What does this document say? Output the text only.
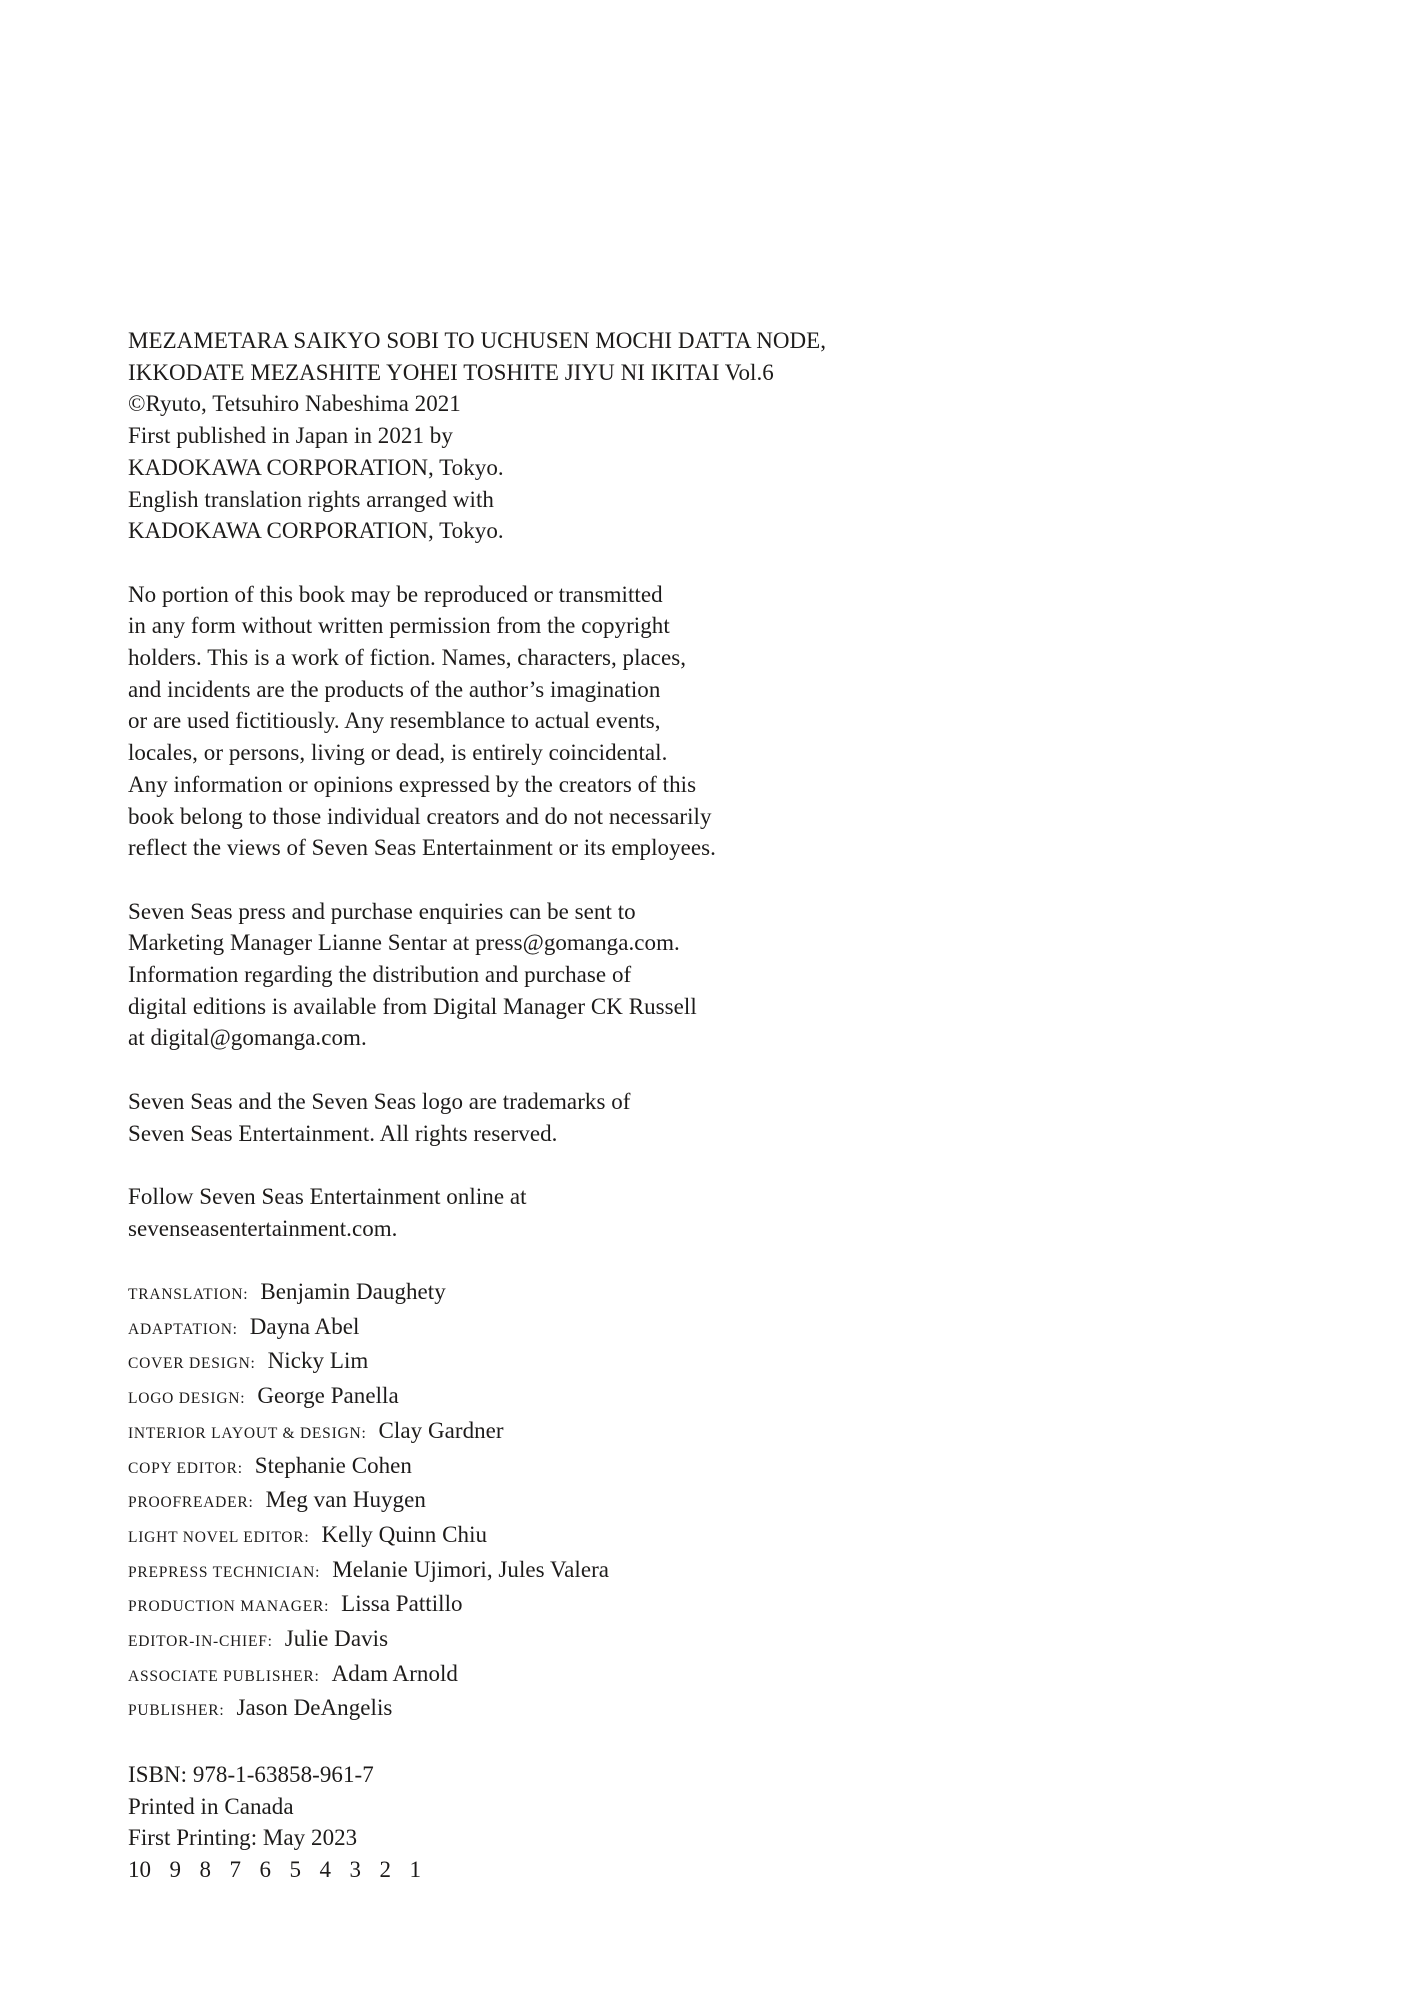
MEZAMETARA SAIKYO SOBI TO UCHUSEN MOCHI DATTA NODE,
IKKODATE MEZASHITE YOHEI TOSHITE JIYU NI IKITAI Vol.6
©Ryuto, Tetsuhiro Nabeshima 2021
First published in Japan in 2021 by
KADOKAWA CORPORATION, Tokyo.
English translation rights arranged with
KADOKAWA CORPORATION, Tokyo.

No portion of this book may be reproduced or transmitted
in any form without written permission from the copyright
holders. This is a work of fiction. Names, characters, places,
and incidents are the products of the author’s imagination
or are used fictitiously. Any resemblance to actual events,
locales, or persons, living or dead, is entirely coincidental.
Any information or opinions expressed by the creators of this
book belong to those individual creators and do not necessarily
reflect the views of Seven Seas Entertainment or its employees.

Seven Seas press and purchase enquiries can be sent to
Marketing Manager Lianne Sentar at press@gomanga.com.
Information regarding the distribution and purchase of
digital editions is available from Digital Manager CK Russell
at digital@gomanga.com.

Seven Seas and the Seven Seas logo are trademarks of
Seven Seas Entertainment. All rights reserved.

Follow Seven Seas Entertainment online at
sevenseasentertainment.com.

TRANSLATION: Benjamin Daughety
ADAPTATION: Dayna Abel
COVER DESIGN: Nicky Lim
LOGO DESIGN: George Panella
INTERIOR LAYOUT & DESIGN: Clay Gardner
COPY EDITOR: Stephanie Cohen
PROOFREADER: Meg van Huygen
LIGHT NOVEL EDITOR: Kelly Quinn Chiu
PREPRESS TECHNICIAN: Melanie Ujimori, Jules Valera
PRODUCTION MANAGER: Lissa Pattillo
EDITOR-IN-CHIEF: Julie Davis
ASSOCIATE PUBLISHER: Adam Arnold
PUBLISHER: Jason DeAngelis

ISBN: 978-1-63858-961-7
Printed in Canada
First Printing: May 2023
10 9 8 7 6 5 4 3 2 1
